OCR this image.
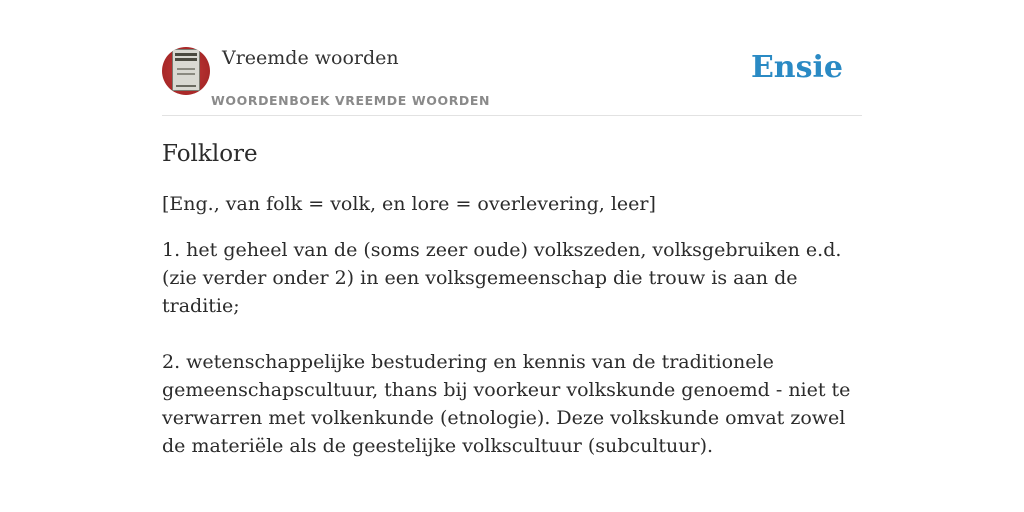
Vreemde woorden
WOORDENBOEK VREEMDE WOORDEN
Ensie
Folklore

[Eng., van folk = volk, en lore = overlevering, leer]

1. het geheel van de (soms zeer oude) volkszeden, volksgebruiken e.d. (zie verder onder 2) in een volksgemeenschap die trouw is aan de traditie;

2. wetenschappelijke bestudering en kennis van de traditionele gemeenschapscultuur, thans bij voorkeur volkskunde genoemd - niet te verwarren met volkenkunde (etnologie). Deze volkskunde omvat zowel de materiële als de geestelijke volkscultuur (subcultuur).
